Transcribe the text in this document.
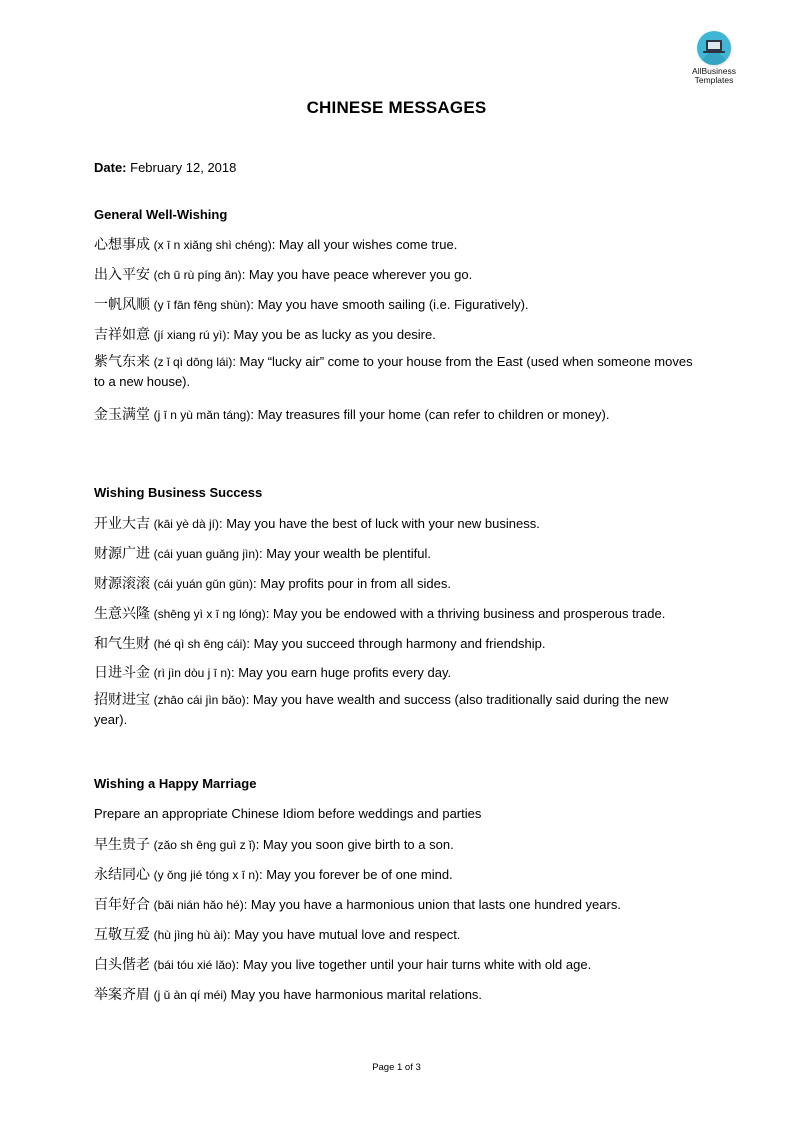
AllBusiness
Templates
CHINESE MESSAGES
Date: February 12, 2018
General Well-Wishing
心想事成 (x ī n xiǎng shì chéng): May all your wishes come true.
出入平安 (ch ū rù píng ān): May you have peace wherever you go.
一帆风顺 (y ī fān fēng shùn): May you have smooth sailing (i.e. Figuratively).
吉祥如意 (jí xiang rú yì): May you be as lucky as you desire.
紫气东来 (z ǐ qì dōng lái): May “lucky air” come to your house from the East (used when someone moves to a new house).
金玉满堂 (j ī n yù mǎn táng): May treasures fill your home (can refer to children or money).
Wishing Business Success
开业大吉 (kāi yè dà jí): May you have the best of luck with your new business.
财源广进 (cái yuan guǎng jìn): May your wealth be plentiful.
财源滚滚 (cái yuán gǔn gǔn): May profits pour in from all sides.
生意兴隆 (shēng yì x ī ng lóng): May you be endowed with a thriving business and prosperous trade.
和气生财 (hé qì sh ēng cái): May you succeed through harmony and friendship.
日进斗金 (rì jìn dòu j ī n): May you earn huge profits every day.
招财进宝 (zhāo cái jìn bǎo): May you have wealth and success (also traditionally said during the new year).
Wishing a Happy Marriage
Prepare an appropriate Chinese Idiom before weddings and parties
早生贵子 (zǎo sh ēng guì z ǐ): May you soon give birth to a son.
永结同心 (y ǒng jié tóng x ī n): May you forever be of one mind.
百年好合 (bǎi nián hǎo hé): May you have a harmonious union that lasts one hundred years.
互敬互爱 (hù jìng hù ài): May you have mutual love and respect.
白头偕老 (bái tóu xié lǎo): May you live together until your hair turns white with old age.
举案齐眉 (j ǔ àn qí méi) May you have harmonious marital relations.
Page 1 of 3
